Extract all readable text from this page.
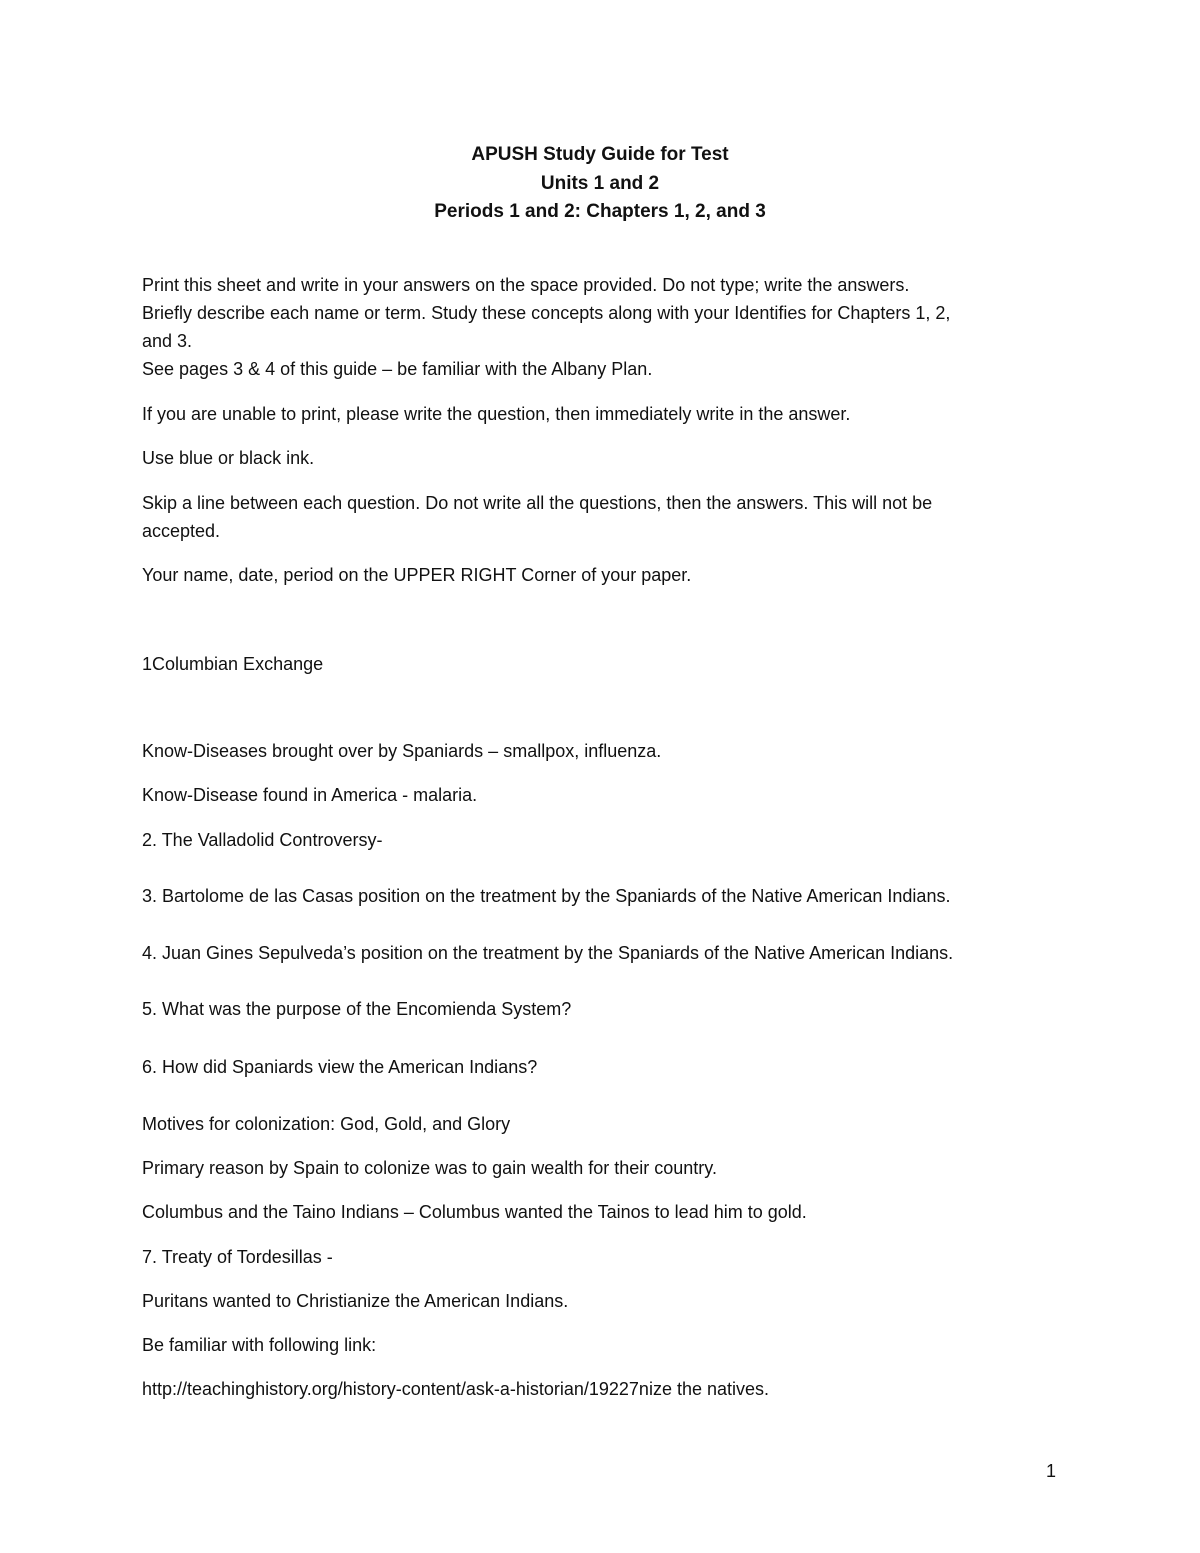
APUSH Study Guide for Test
Units 1 and 2
Periods 1 and 2: Chapters 1, 2, and 3
Print this sheet and write in your answers on the space provided. Do not type; write the answers.
Briefly describe each name or term. Study these concepts along with your Identifies for Chapters 1, 2,
and 3.
See pages 3 & 4 of this guide – be familiar with the Albany Plan.
If you are unable to print, please write the question, then immediately write in the answer.
Use blue or black ink.
Skip a line between each question. Do not write all the questions, then the answers. This will not be
accepted.
Your name, date, period on the UPPER RIGHT Corner of your paper.
1Columbian Exchange
Know-Diseases brought over by Spaniards – smallpox, influenza.
Know-Disease found in America - malaria.
2. The Valladolid Controversy-
3. Bartolome de las Casas position on the treatment by the Spaniards of the Native American Indians.
4. Juan Gines Sepulveda’s position on the treatment by the Spaniards of the Native American Indians.
5. What was the purpose of the Encomienda System?
6. How did Spaniards view the American Indians?
Motives for colonization: God, Gold, and Glory
Primary reason by Spain to colonize was to gain wealth for their country.
Columbus and the Taino Indians – Columbus wanted the Tainos to lead him to gold.
7. Treaty of Tordesillas -
Puritans wanted to Christianize the American Indians.
Be familiar with following link:
http://teachinghistory.org/history-content/ask-a-historian/19227nize the natives.
1
